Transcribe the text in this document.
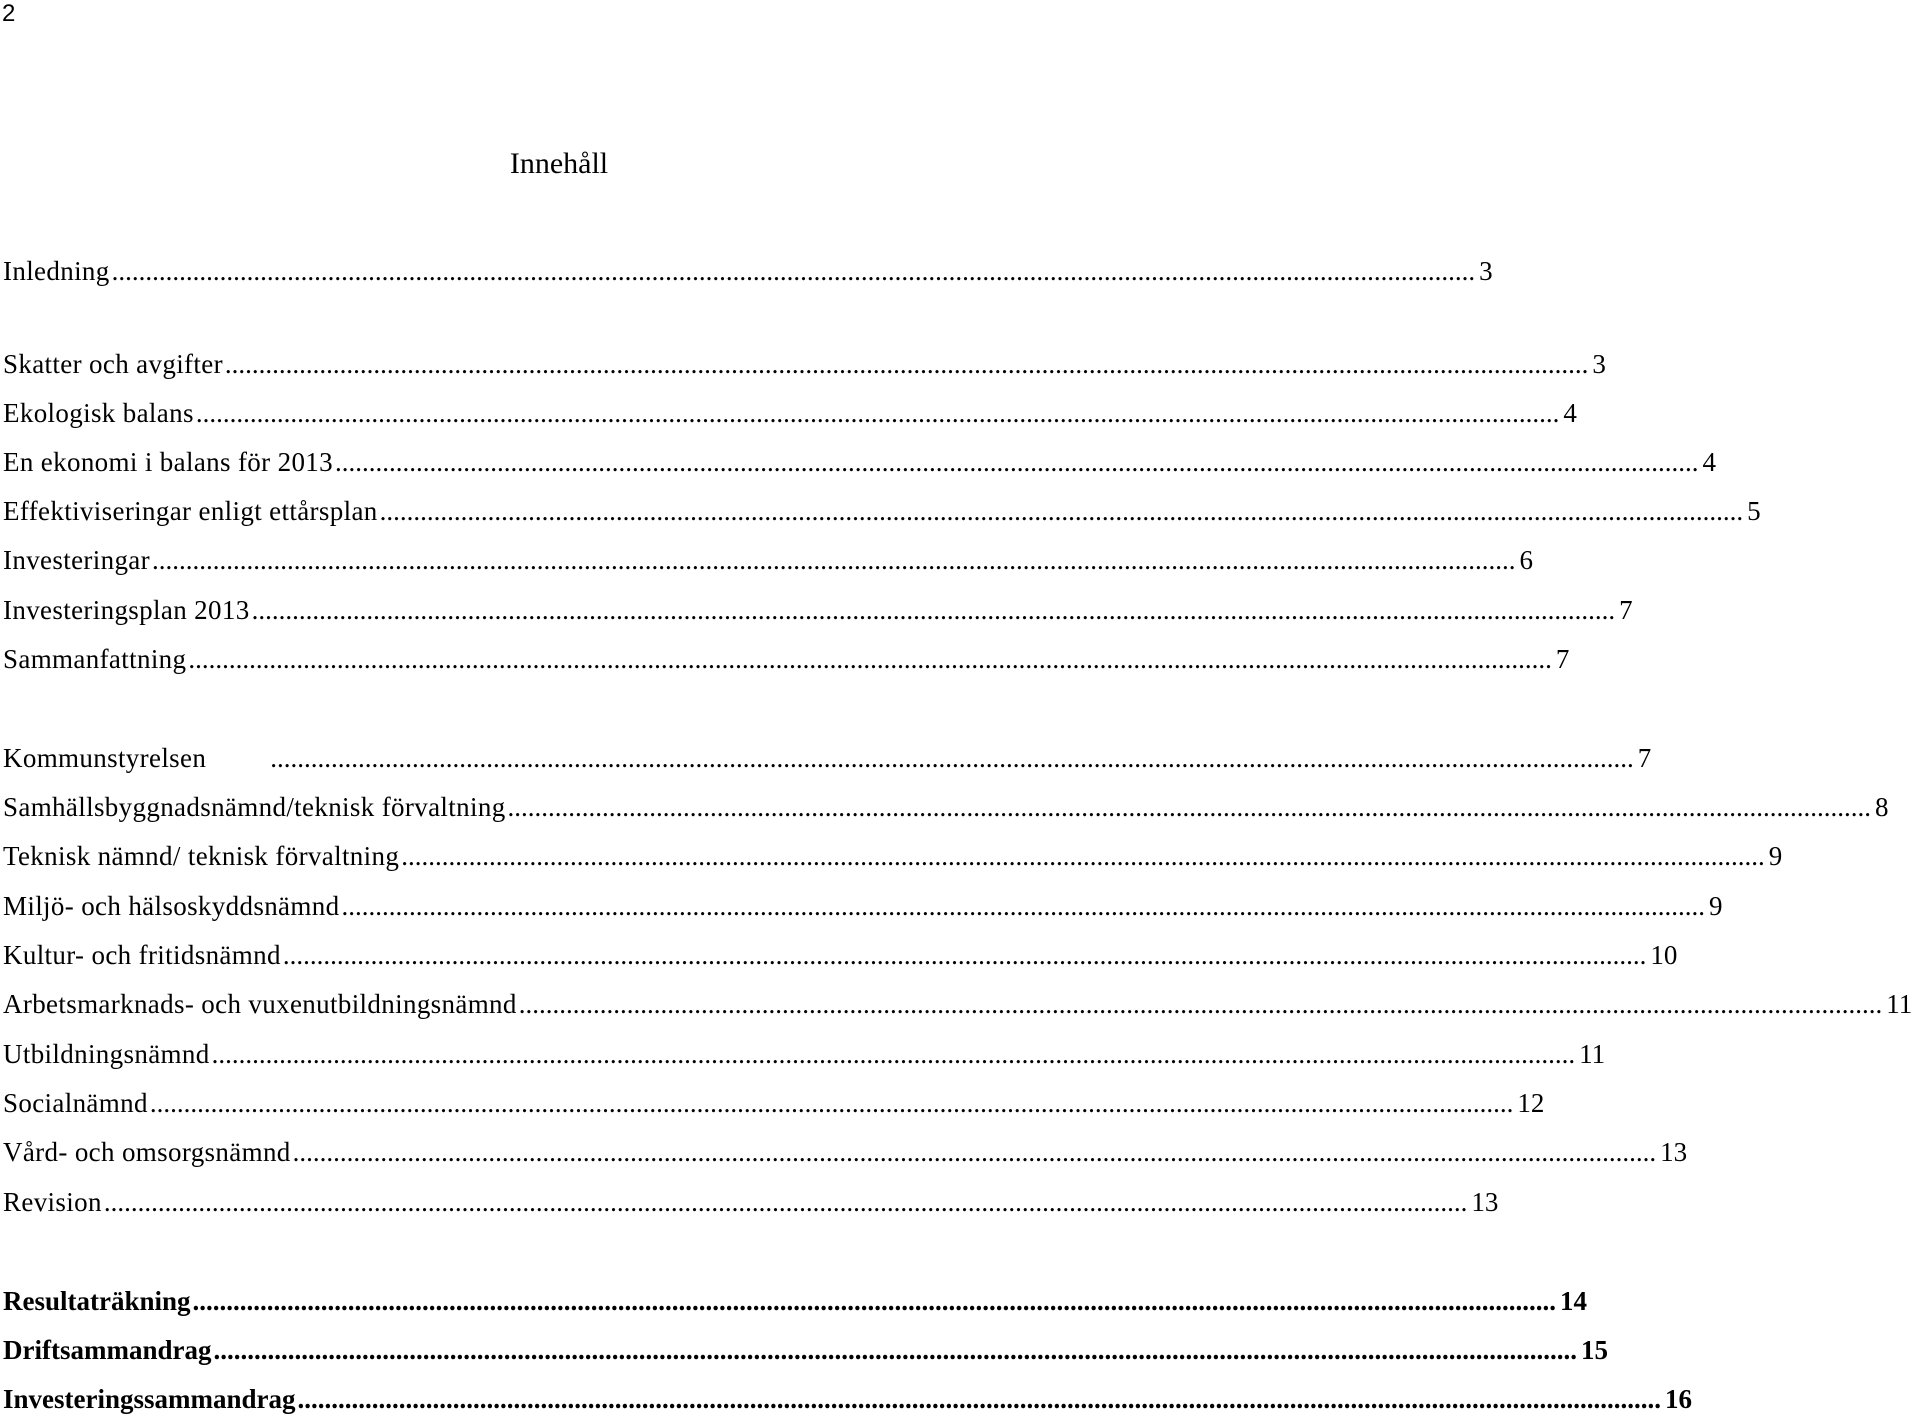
2
Innehåll
Inledning .......................................................................................................................................................................................................... 3
Skatter och avgifter .......................................................................................................................................................................................................... 3
Ekologisk balans .......................................................................................................................................................................................................... 4
En ekonomi i balans för 2013 .......................................................................................................................................................................................................... 4
Effektiviseringar enligt ettårsplan .......................................................................................................................................................................................................... 5
Investeringar .......................................................................................................................................................................................................... 6
Investeringsplan 2013 .......................................................................................................................................................................................................... 7
Sammanfattning .......................................................................................................................................................................................................... 7
Kommunstyrelsen .......................................................................................................................................................................................................... 7
Samhällsbyggnadsnämnd/teknisk förvaltning .......................................................................................................................................................................................................... 8
Teknisk nämnd/ teknisk förvaltning .......................................................................................................................................................................................................... 9
Miljö- och hälsoskyddsnämnd .......................................................................................................................................................................................................... 9
Kultur- och fritidsnämnd .......................................................................................................................................................................................................... 10
Arbetsmarknads- och vuxenutbildningsnämnd .......................................................................................................................................................................................................... 11
Utbildningsnämnd .......................................................................................................................................................................................................... 11
Socialnämnd .......................................................................................................................................................................................................... 12
Vård- och omsorgsnämnd .......................................................................................................................................................................................................... 13
Revision .......................................................................................................................................................................................................... 13
Resultaträkning .......................................................................................................................................................................................................... 14
Driftsammandrag .......................................................................................................................................................................................................... 15
Investeringssammandrag .......................................................................................................................................................................................................... 16
